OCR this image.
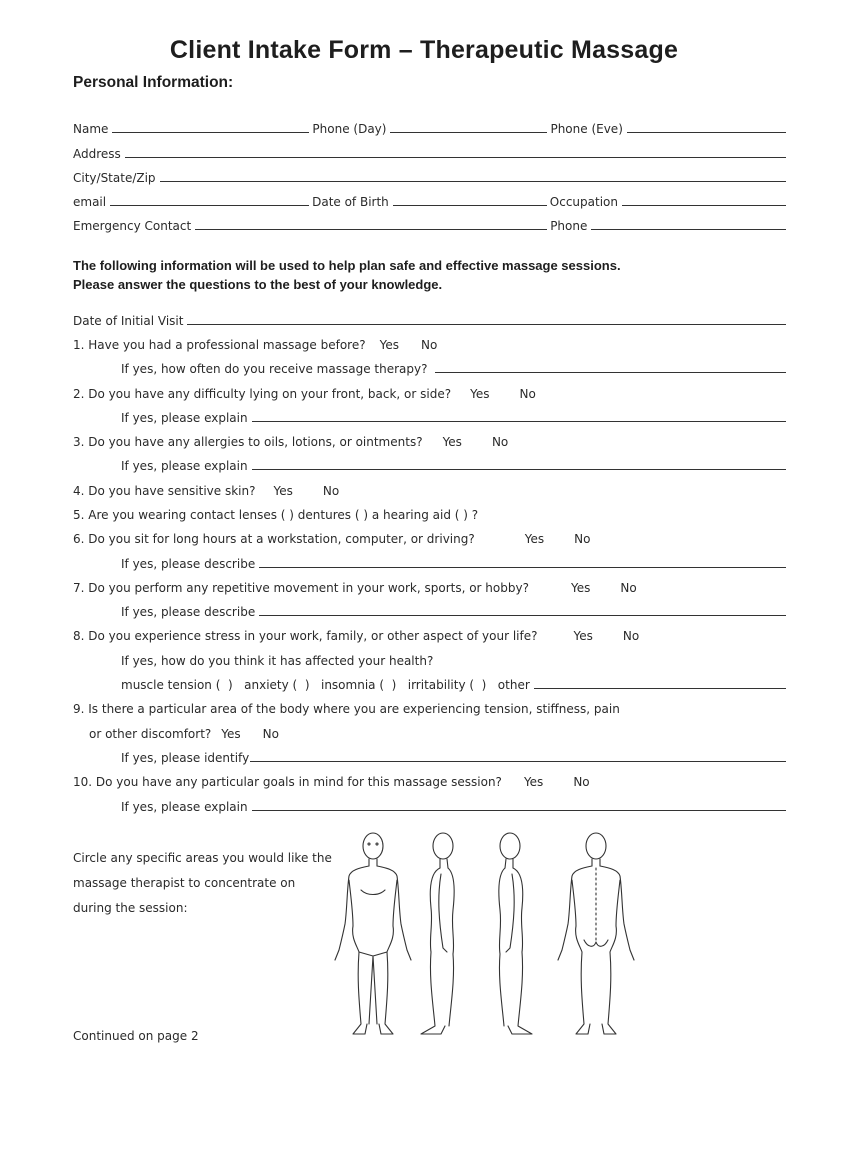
Client Intake Form – Therapeutic Massage
Personal Information:
Name	Phone (Day)	Phone (Eve)
Address
City/State/Zip
email	Date of Birth	Occupation
Emergency Contact	Phone
The following information will be used to help plan safe and effective massage sessions.
Please answer the questions to the best of your knowledge.
Date of Initial Visit
1. Have you had a professional massage before? Yes No
If yes, how often do you receive massage therapy?
2. Do you have any difficulty lying on your front, back, or side? Yes	No
If yes, please explain
3. Do you have any allergies to oils, lotions, or ointments? Yes	No
If yes, please explain
4. Do you have sensitive skin? Yes	No
5. Are you wearing contact lenses ( ) dentures ( ) a hearing aid ( ) ?
6. Do you sit for long hours at a workstation, computer, or driving?	Yes	No
If yes, please describe
7. Do you perform any repetitive movement in your work, sports, or hobby?	Yes	No
If yes, please describe
8. Do you experience stress in your work, family, or other aspect of your life?	Yes	No
If yes, how do you think it has affected your health?
muscle tension (  )   anxiety (  )   insomnia (  )   irritability (  )   other
9. Is there a particular area of the body where you are experiencing tension, stiffness, pain
or other discomfort? Yes No
If yes, please identify
10. Do you have any particular goals in mind for this massage session? Yes	No
If yes, please explain
Circle any specific areas you would like the
massage therapist to concentrate on
during the session:
Continued on page 2
